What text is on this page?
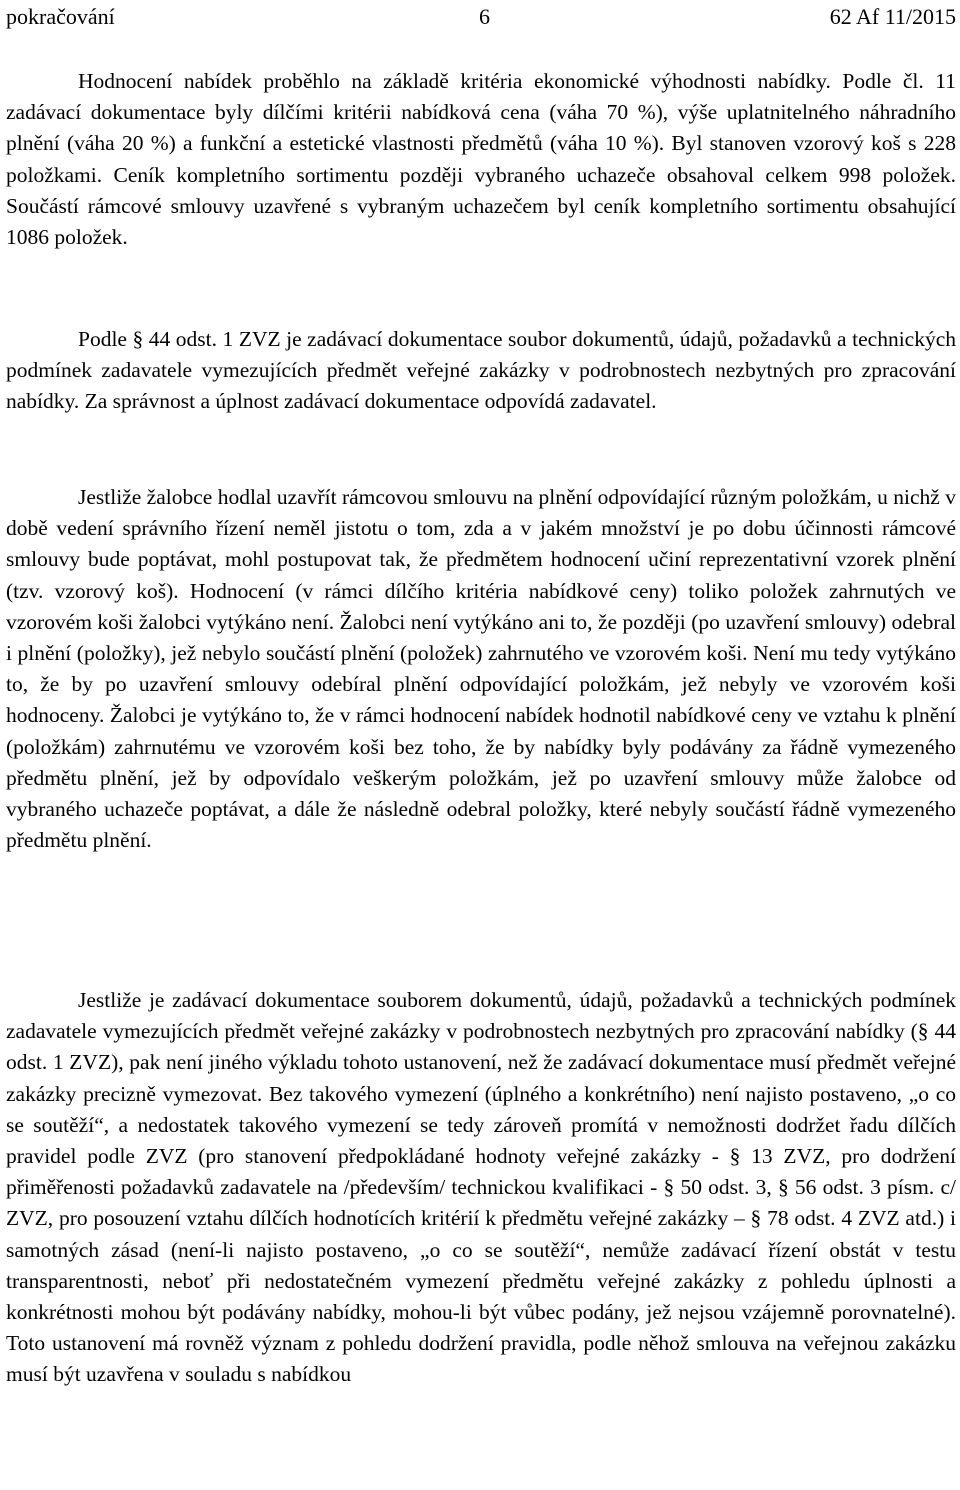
pokračování	6	62 Af 11/2015

Hodnocení nabídek proběhlo na základě kritéria ekonomické výhodnosti nabídky. Podle čl. 11 zadávací dokumentace byly dílčími kritérii nabídková cena (váha 70 %), výše uplatnitelného náhradního plnění (váha 20 %) a funkční a estetické vlastnosti předmětů (váha 10 %). Byl stanoven vzorový koš s 228 položkami. Ceník kompletního sortimentu později vybraného uchazeče obsahoval celkem 998 položek. Součástí rámcové smlouvy uzavřené s vybraným uchazečem byl ceník kompletního sortimentu obsahující 1086 položek.

Podle § 44 odst. 1 ZVZ je zadávací dokumentace soubor dokumentů, údajů, požadavků a technických podmínek zadavatele vymezujících předmět veřejné zakázky v podrobnostech nezbytných pro zpracování nabídky. Za správnost a úplnost zadávací dokumentace odpovídá zadavatel.

Jestliže žalobce hodlal uzavřít rámcovou smlouvu na plnění odpovídající různým položkám, u nichž v době vedení správního řízení neměl jistotu o tom, zda a v jakém množství je po dobu účinnosti rámcové smlouvy bude poptávat, mohl postupovat tak, že předmětem hodnocení učiní reprezentativní vzorek plnění (tzv. vzorový koš). Hodnocení (v rámci dílčího kritéria nabídkové ceny) toliko položek zahrnutých ve vzorovém koši žalobci vytýkáno není. Žalobci není vytýkáno ani to, že později (po uzavření smlouvy) odebral i plnění (položky), jež nebylo součástí plnění (položek) zahrnutého ve vzorovém koši. Není mu tedy vytýkáno to, že by po uzavření smlouvy odebíral plnění odpovídající položkám, jež nebyly ve vzorovém koši hodnoceny. Žalobci je vytýkáno to, že v rámci hodnocení nabídek hodnotil nabídkové ceny ve vztahu k plnění (položkám) zahrnutému ve vzorovém koši bez toho, že by nabídky byly podávány za řádně vymezeného předmětu plnění, jež by odpovídalo veškerým položkám, jež po uzavření smlouvy může žalobce od vybraného uchazeče poptávat, a dále že následně odebral položky, které nebyly součástí řádně vymezeného předmětu plnění.

Jestliže je zadávací dokumentace souborem dokumentů, údajů, požadavků a technických podmínek zadavatele vymezujících předmět veřejné zakázky v podrobnostech nezbytných pro zpracování nabídky (§ 44 odst. 1 ZVZ), pak není jiného výkladu tohoto ustanovení, než že zadávací dokumentace musí předmět veřejné zakázky precizně vymezovat. Bez takového vymezení (úplného a konkrétního) není najisto postaveno, „o co se soutěží“, a nedostatek takového vymezení se tedy zároveň promítá v nemožnosti dodržet řadu dílčích pravidel podle ZVZ (pro stanovení předpokládané hodnoty veřejné zakázky - § 13 ZVZ, pro dodržení přiměřenosti požadavků zadavatele na /především/ technickou kvalifikaci - § 50 odst. 3, § 56 odst. 3 písm. c/ ZVZ, pro posouzení vztahu dílčích hodnotících kritérií k předmětu veřejné zakázky – § 78 odst. 4 ZVZ atd.) i samotných zásad (není-li najisto postaveno, „o co se soutěží“, nemůže zadávací řízení obstát v testu transparentnosti, neboť při nedostatečném vymezení předmětu veřejné zakázky z pohledu úplnosti a konkrétnosti mohou být podávány nabídky, mohou-li být vůbec podány, jež nejsou vzájemně porovnatelné). Toto ustanovení má rovněž význam z pohledu dodržení pravidla, podle něhož smlouva na veřejnou zakázku musí být uzavřena v souladu s nabídkou
